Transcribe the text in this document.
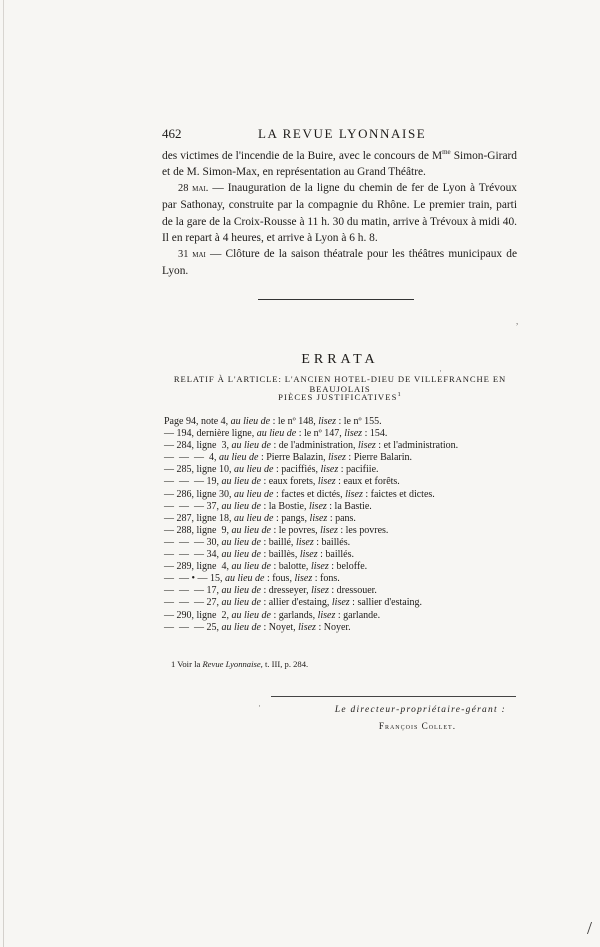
462	LA REVUE LYONNAISE

des victimes de l'incendie de la Buire, avec le concours de $M^{me}$ Simon-Girard et de M. Simon-Max, en représentation au Grand Théâtre.

28 mai. — Inauguration de la ligne du chemin de fer de Lyon à Trévoux par Sathonay, construite par la compagnie du Rhône. Le premier train, parti de la gare de la Croix-Rousse à 11 h. 30 du matin, arrive à Trévoux à midi 40. Il en repart à 4 heures, et arrive à Lyon à 6 h. 8.

31 mai — Clôture de la saison théatrale pour les théâtres municipaux de Lyon.

ERRATA
RELATIF À L'ARTICLE: L'ANCIEN HOTEL-DIEU DE VILLEFRANCHE EN BEAUJOLAIS
PIÈCES JUSTIFICATIVES$^1$
Page 94, note 4, au lieu de : le nº 148, lisez : le nº 155.
— 194, dernière ligne, au lieu de : le nº 147, lisez : 154.
— 284, ligne  3, au lieu de : de l'administration, lisez : et l'administration.
—  —  —  4, au lieu de : Pierre Balazin, lisez : Pierre Balarin.
— 285, ligne 10, au lieu de : paciffiés, lisez : pacifiie.
—  —  — 19, au lieu de : eaux forets, lisez : eaux et forêts.
— 286, ligne 30, au lieu de : factes et dictés, lisez : faictes et dictes.
—  —  — 37, au lieu de : la Bostie, lisez : la Bastie.
— 287, ligne 18, au lieu de : pangs, lisez : pans.
— 288, ligne  9, au lieu de : le povres, lisez : les povres.
—  —  — 30, au lieu de : baillé, lisez : baillés.
—  —  — 34, au lieu de : baillès, lisez : baillés.
— 289, ligne  4, au lieu de : balotte, lisez : beloffe.
—  — • — 15, au lieu de : fous, lisez : fons.
—  —  — 17, au lieu de : dresseyer, lisez : dressouer.
—  —  — 27, au lieu de : allier d'estaing, lisez : sallier d'estaing.
— 290, ligne  2, au lieu de : garlands, lisez : garlande.
—  —  — 25, au lieu de : Noyet, lisez : Noyer.
1 Voir la Revue Lyonnaise, t. III, p. 284.
Le directeur-propriétaire-gérant :
François Collet.
,
·
·
/
